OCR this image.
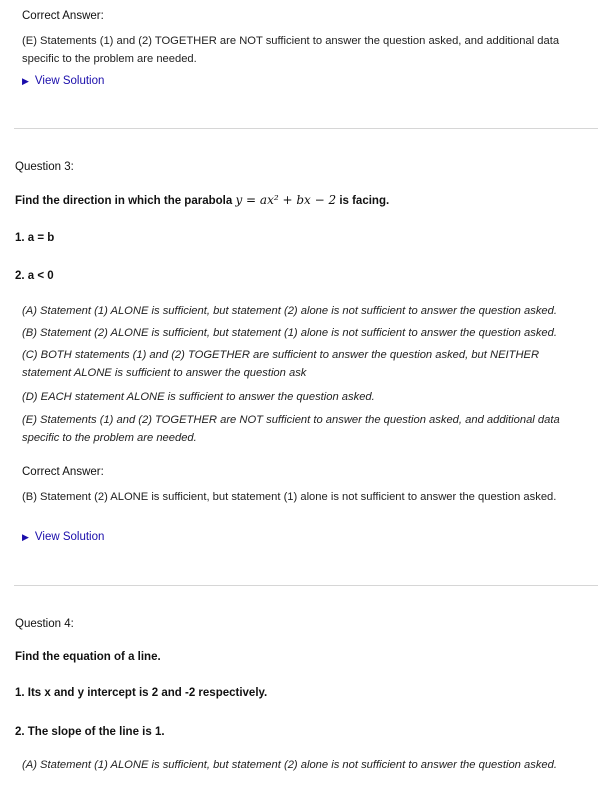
Correct Answer:
(E) Statements (1) and (2) TOGETHER are NOT sufficient to answer the question asked, and additional data specific to the problem are needed.
▶ View Solution
Question 3:
Find the direction in which the parabola y = ax² + bx − 2 is facing.
1. a = b
2. a < 0
(A) Statement (1) ALONE is sufficient, but statement (2) alone is not sufficient to answer the question asked.
(B) Statement (2) ALONE is sufficient, but statement (1) alone is not sufficient to answer the question asked.
(C) BOTH statements (1) and (2) TOGETHER are sufficient to answer the question asked, but NEITHER statement ALONE is sufficient to answer the question ask
(D) EACH statement ALONE is sufficient to answer the question asked.
(E) Statements (1) and (2) TOGETHER are NOT sufficient to answer the question asked, and additional data specific to the problem are needed.
Correct Answer:
(B) Statement (2) ALONE is sufficient, but statement (1) alone is not sufficient to answer the question asked.
▶ View Solution
Question 4:
Find the equation of a line.
1. Its x and y intercept is 2 and -2 respectively.
2. The slope of the line is 1.
(A) Statement (1) ALONE is sufficient, but statement (2) alone is not sufficient to answer the question asked.
